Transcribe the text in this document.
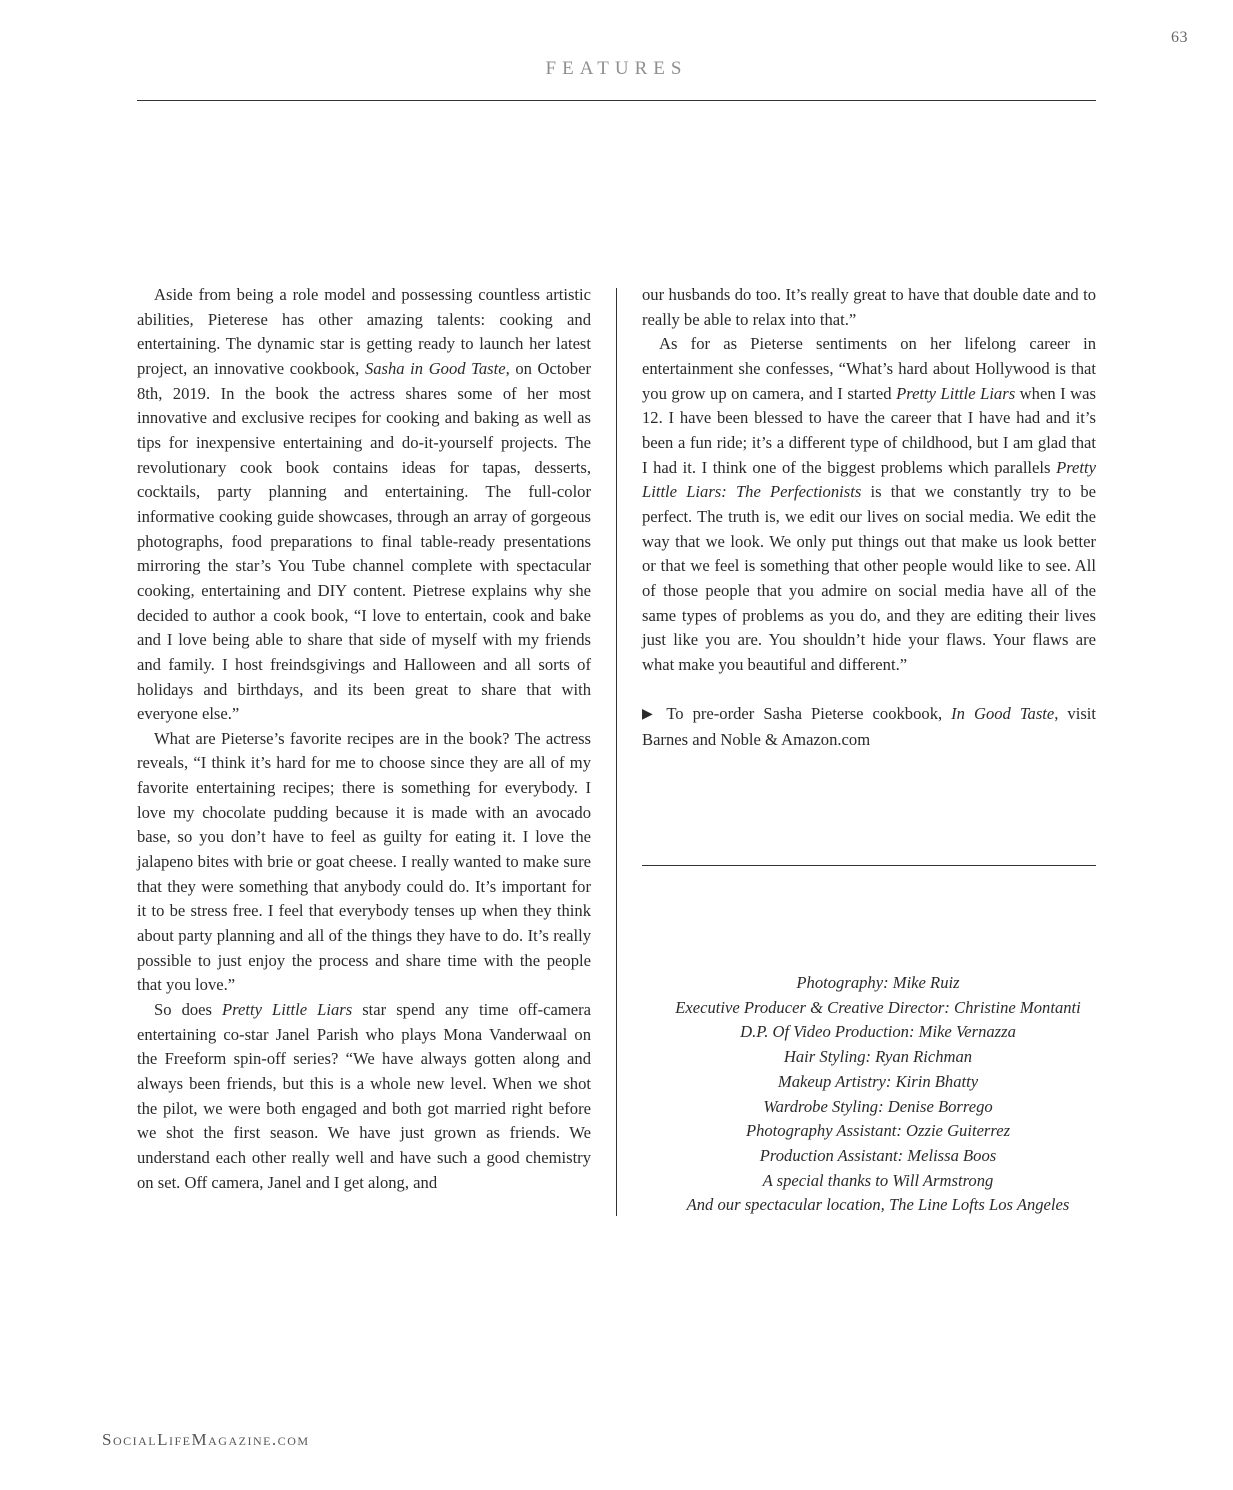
63
FEATURES

Aside from being a role model and possessing countless artistic abilities, Pieterese has other amazing talents: cooking and entertaining. The dynamic star is getting ready to launch her latest project, an innovative cookbook, Sasha in Good Taste, on October 8th, 2019. In the book the actress shares some of her most innovative and exclusive recipes for cooking and baking as well as tips for inexpensive entertaining and do-it-yourself projects. The revolutionary cook book contains ideas for tapas, desserts, cocktails, party planning and entertaining. The full-color informative cooking guide showcases, through an array of gorgeous photographs, food preparations to final table-ready presentations mirroring the star’s You Tube channel complete with spectacular cooking, entertaining and DIY content. Pietrese explains why she decided to author a cook book, “I love to entertain, cook and bake and I love being able to share that side of myself with my friends and family. I host freindsgivings and Halloween and all sorts of holidays and birthdays, and its been great to share that with everyone else.”

What are Pieterse’s favorite recipes are in the book? The actress reveals, “I think it’s hard for me to choose since they are all of my favorite entertaining recipes; there is something for everybody. I love my chocolate pudding because it is made with an avocado base, so you don’t have to feel as guilty for eating it. I love the jalapeno bites with brie or goat cheese. I really wanted to make sure that they were something that anybody could do. It’s important for it to be stress free. I feel that everybody tenses up when they think about party planning and all of the things they have to do. It’s really possible to just enjoy the process and share time with the people that you love.”

So does Pretty Little Liars star spend any time off-camera entertaining co-star Janel Parish who plays Mona Vanderwaal on the Freeform spin-off series? “We have always gotten along and always been friends, but this is a whole new level. When we shot the pilot, we were both engaged and both got married right before we shot the first season. We have just grown as friends. We understand each other really well and have such a good chemistry on set. Off camera, Janel and I get along, and

our husbands do too. It’s really great to have that double date and to really be able to relax into that.”

As for as Pieterse sentiments on her lifelong career in entertainment she confesses, “What’s hard about Hollywood is that you grow up on camera, and I started Pretty Little Liars when I was 12. I have been blessed to have the career that I have had and it’s been a fun ride; it’s a different type of childhood, but I am glad that I had it. I think one of the biggest problems which parallels Pretty Little Liars: The Perfectionists is that we constantly try to be perfect. The truth is, we edit our lives on social media. We edit the way that we look. We only put things out that make us look better or that we feel is something that other people would like to see. All of those people that you admire on social media have all of the same types of problems as you do, and they are editing their lives just like you are. You shouldn’t hide your flaws. Your flaws are what make you beautiful and different.”

▶ To pre-order Sasha Pieterse cookbook, In Good Taste, visit Barnes and Noble & Amazon.com

Photography: Mike Ruiz
Executive Producer & Creative Director: Christine Montanti
D.P. Of Video Production: Mike Vernazza
Hair Styling: Ryan Richman
Makeup Artistry: Kirin Bhatty
Wardrobe Styling: Denise Borrego
Photography Assistant: Ozzie Guiterrez
Production Assistant: Melissa Boos
A special thanks to Will Armstrong
And our spectacular location, The Line Lofts Los Angeles
SocialLifeMagazine.com
